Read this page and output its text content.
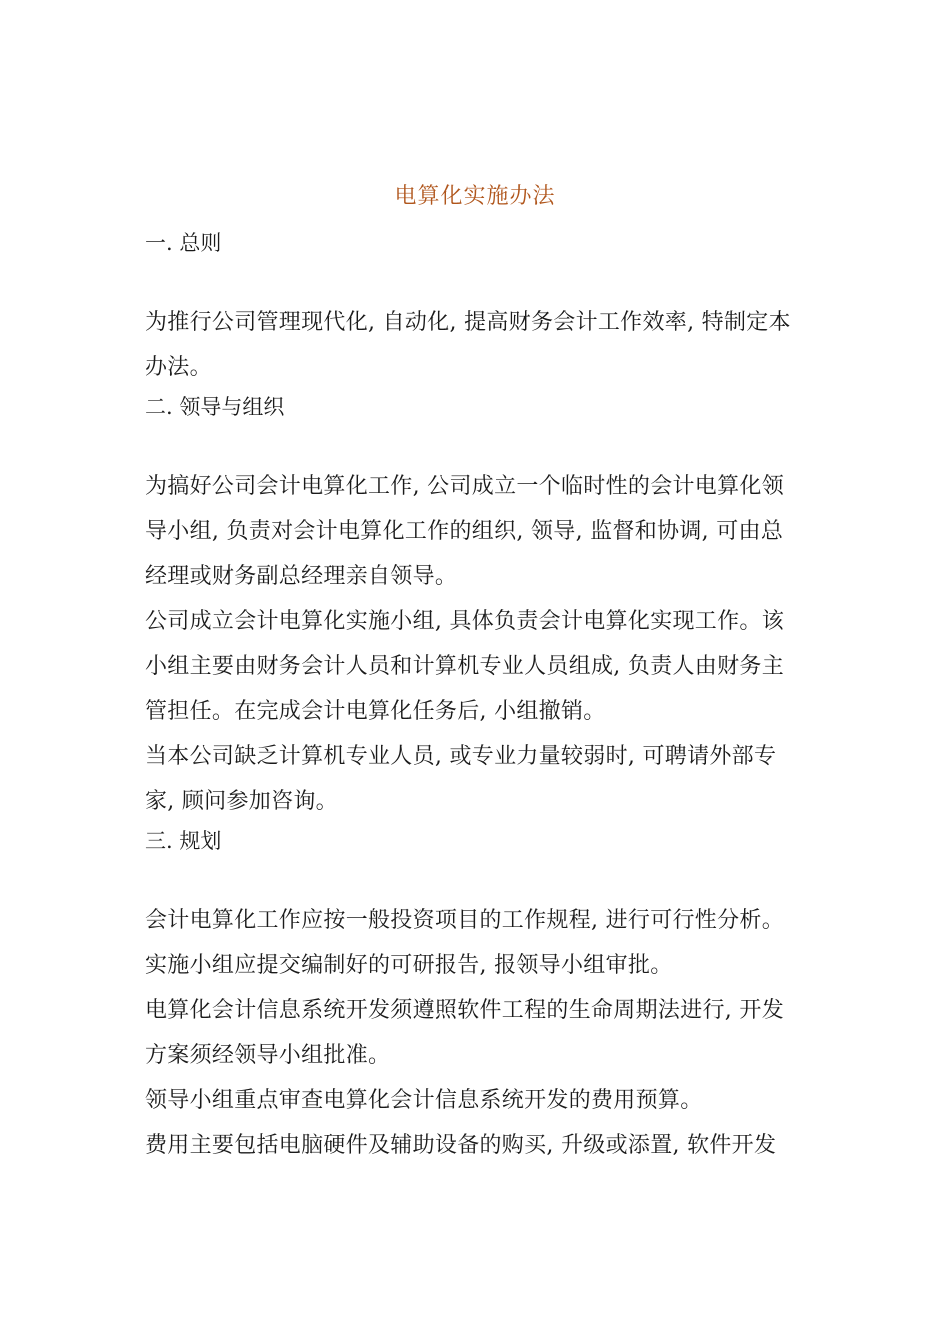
电算化实施办法
一. 总则
为推行公司管理现代化, 自动化, 提高财务会计工作效率, 特制定本
办法。
二. 领导与组织
为搞好公司会计电算化工作, 公司成立一个临时性的会计电算化领
导小组, 负责对会计电算化工作的组织, 领导, 监督和协调, 可由总
经理或财务副总经理亲自领导。
公司成立会计电算化实施小组, 具体负责会计电算化实现工作。该
小组主要由财务会计人员和计算机专业人员组成, 负责人由财务主
管担任。在完成会计电算化任务后, 小组撤销。
当本公司缺乏计算机专业人员, 或专业力量较弱时, 可聘请外部专
家, 顾问参加咨询。
三. 规划
会计电算化工作应按一般投资项目的工作规程, 进行可行性分析。
实施小组应提交编制好的可研报告, 报领导小组审批。
电算化会计信息系统开发须遵照软件工程的生命周期法进行, 开发
方案须经领导小组批准。
领导小组重点审查电算化会计信息系统开发的费用预算。
费用主要包括电脑硬件及辅助设备的购买, 升级或添置, 软件开发
